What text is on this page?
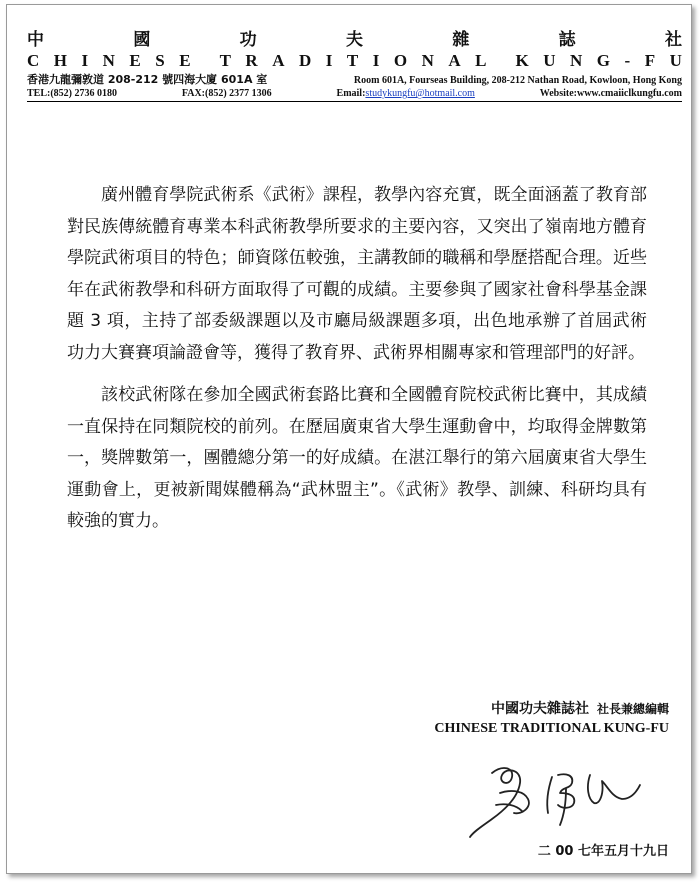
中	國	功	夫	雜	誌	社
C H I N E S E T R A D I T I O N A L K U N G - F U
香港九龍彌敦道 208-212 號四海大廈 601A 室	Room 601A, Fourseas Building, 208-212 Nathan Road, Kowloon, Hong Kong
TEL:(852) 2736 0180	FAX:(852) 2377 1306	Email:studykungfu@hotmail.com	Website:www.cmaiiclkungfu.com

廣州體育學院武術系《武術》課程，教學內容充實，既全面涵蓋了教育部對民族傳統體育專業本科武術教學所要求的主要內容，又突出了嶺南地方體育學院武術項目的特色；師資隊伍較強，主講教師的職稱和學歷搭配合理。近些年在武術教學和科研方面取得了可觀的成績。主要參與了國家社會科學基金課題 3 項，主持了部委級課題以及市廳局級課題多項，出色地承辦了首屆武術功力大賽賽項論證會等，獲得了教育界、武術界相關專家和管理部門的好評。

該校武術隊在參加全國武術套路比賽和全國體育院校武術比賽中，其成績一直保持在同類院校的前列。在歷屆廣東省大學生運動會中，均取得金牌數第一，獎牌數第一，團體總分第一的好成績。在湛江舉行的第六屆廣東省大學生運動會上，更被新聞媒體稱為“武林盟主”。《武術》教學、訓練、科研均具有較強的實力。

中國功夫雜誌社 社長兼總編輯
CHINESE TRADITIONAL KUNG-FU
二 00 七年五月十九日
